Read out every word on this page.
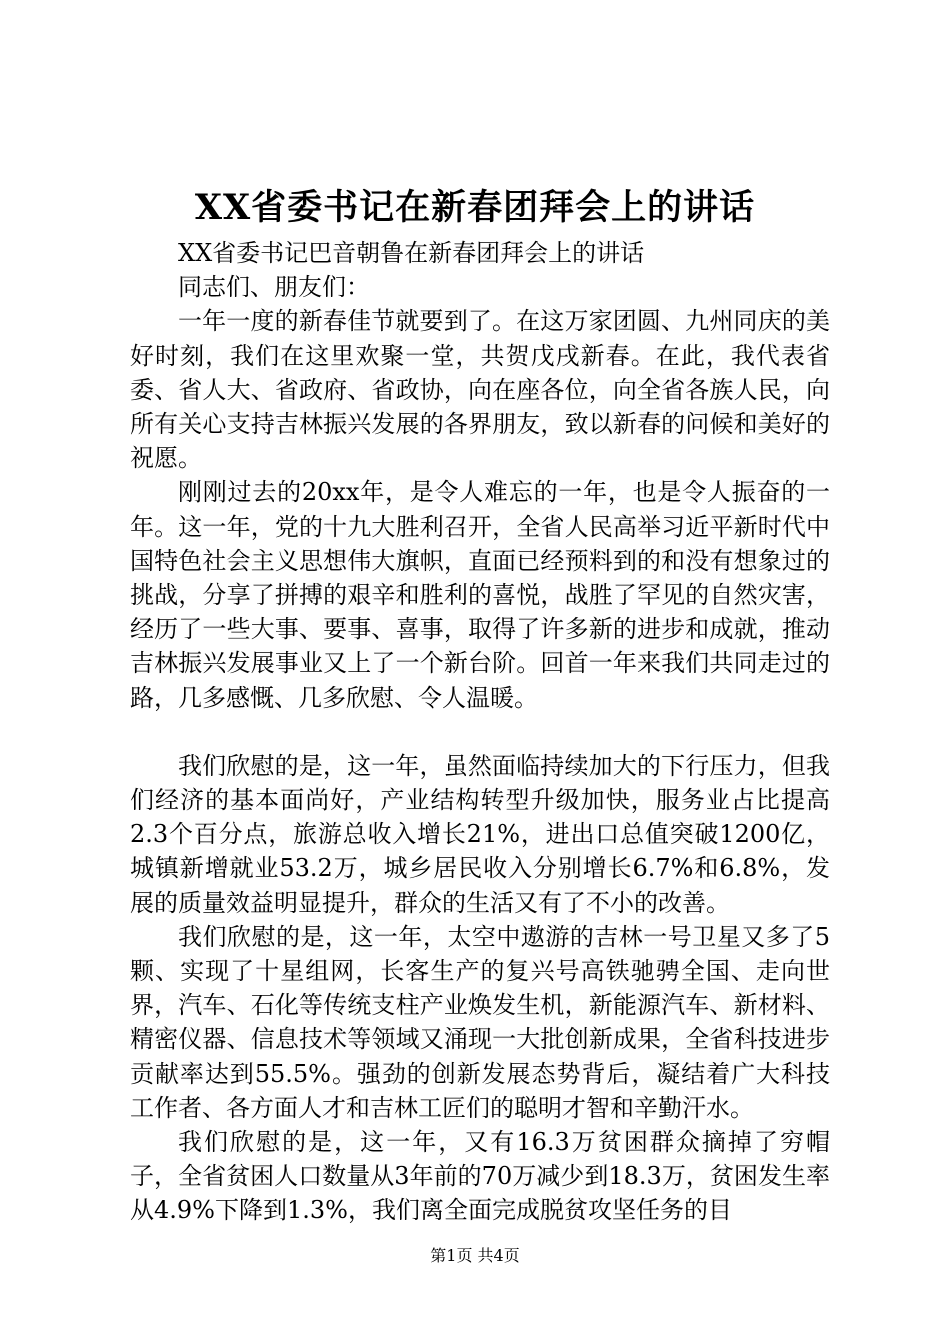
XX省委书记在新春团拜会上的讲话

XX省委书记巴音朝鲁在新春团拜会上的讲话

同志们、朋友们：

一年一度的新春佳节就要到了。在这万家团圆、九州同庆的美好时刻，我们在这里欢聚一堂，共贺戊戌新春。在此，我代表省委、省人大、省政府、省政协，向在座各位，向全省各族人民，向所有关心支持吉林振兴发展的各界朋友，致以新春的问候和美好的祝愿。

刚刚过去的20xx年，是令人难忘的一年，也是令人振奋的一年。这一年，党的十九大胜利召开，全省人民高举习近平新时代中国特色社会主义思想伟大旗帜，直面已经预料到的和没有想象过的挑战，分享了拼搏的艰辛和胜利的喜悦，战胜了罕见的自然灾害，经历了一些大事、要事、喜事，取得了许多新的进步和成就，推动吉林振兴发展事业又上了一个新台阶。回首一年来我们共同走过的路，几多感慨、几多欣慰、令人温暖。

我们欣慰的是，这一年，虽然面临持续加大的下行压力，但我们经济的基本面尚好，产业结构转型升级加快，服务业占比提高2.3个百分点，旅游总收入增长21%，进出口总值突破1200亿，城镇新增就业53.2万，城乡居民收入分别增长6.7%和6.8%，发展的质量效益明显提升，群众的生活又有了不小的改善。

我们欣慰的是，这一年，太空中遨游的吉林一号卫星又多了5颗、实现了十星组网，长客生产的复兴号高铁驰骋全国、走向世界，汽车、石化等传统支柱产业焕发生机，新能源汽车、新材料、精密仪器、信息技术等领域又涌现一大批创新成果，全省科技进步贡献率达到55.5%。强劲的创新发展态势背后，凝结着广大科技工作者、各方面人才和吉林工匠们的聪明才智和辛勤汗水。

我们欣慰的是，这一年，又有16.3万贫困群众摘掉了穷帽子，全省贫困人口数量从3年前的70万减少到18.3万，贫困发生率从4.9%下降到1.3%，我们离全面完成脱贫攻坚任务的目

第1页 共4页
